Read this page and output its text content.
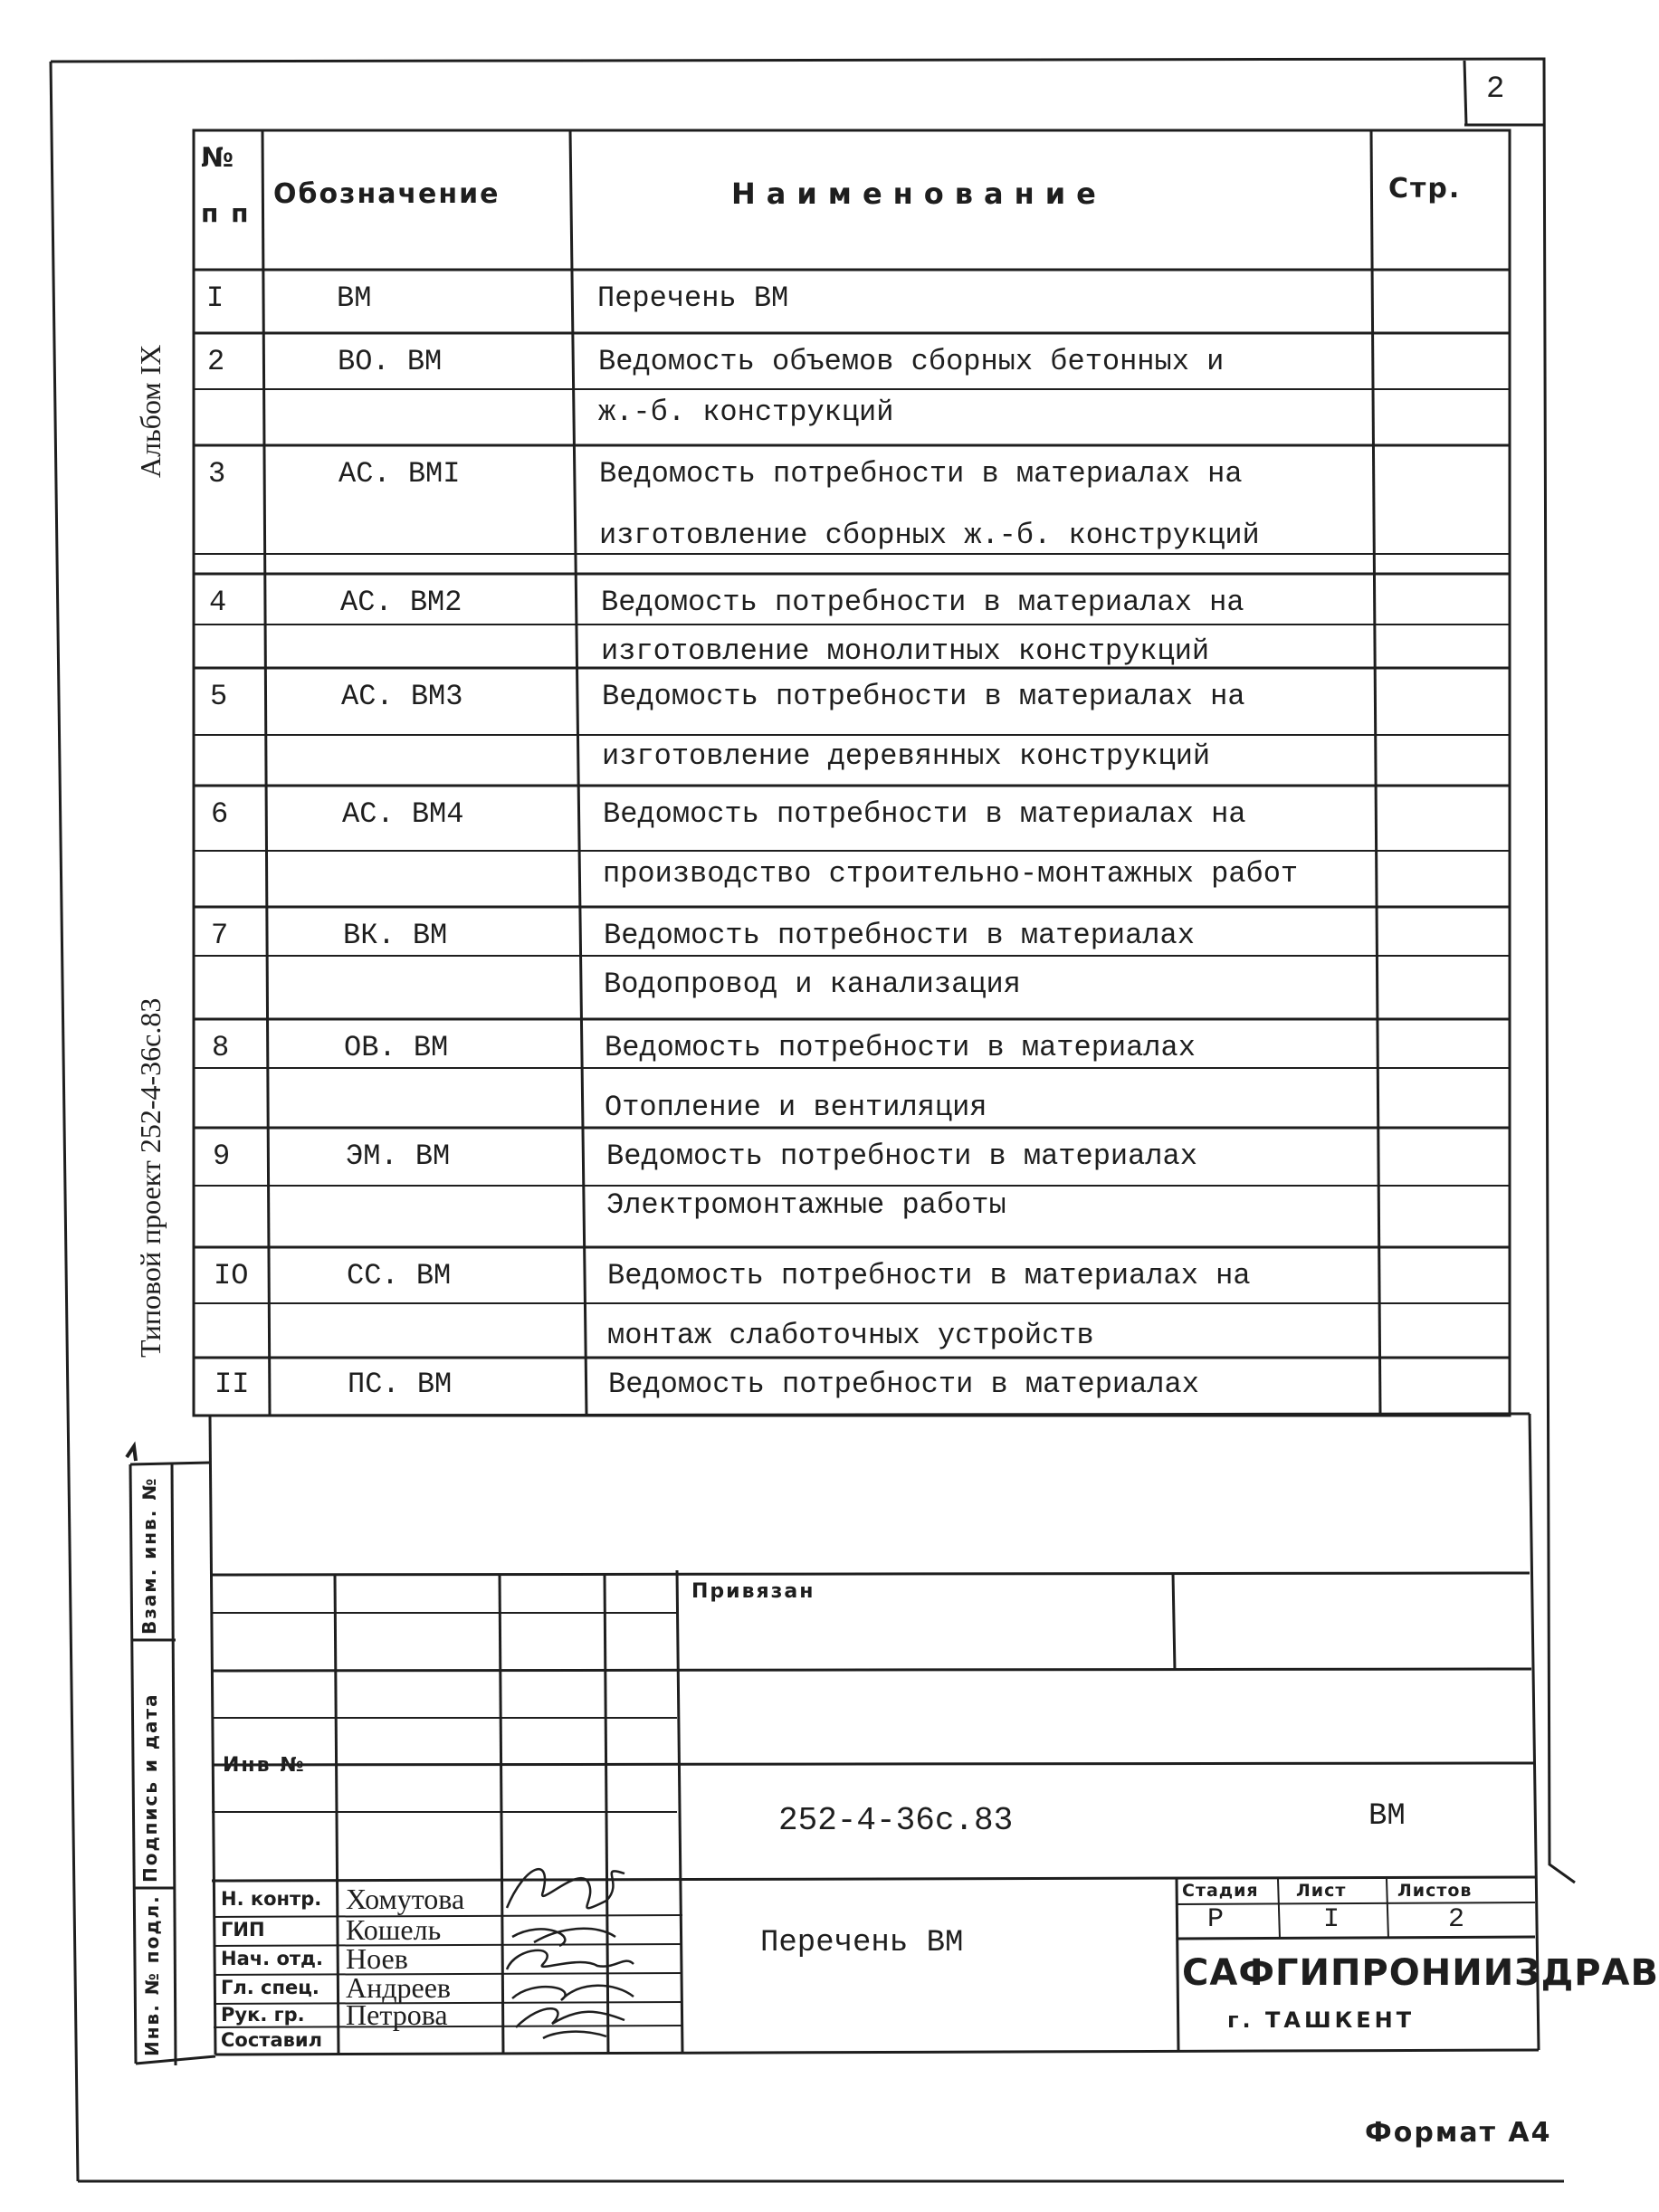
2
Альбом IX
Типовой проект 252-4-36с.83
Взам. инв. №
Подпись и дата
Инв. № подл.
№
п п
Обозначение	Наименование	Стр.
I	ВМ	Перечень ВМ
2	ВО. ВМ	Ведомость объемов сборных бетонных и
ж.-б. конструкций
3	АС. ВМI	Ведомость потребности в материалах на
изготовление сборных ж.-б. конструкций
4	АС. ВМ2	Ведомость потребности в материалах на
изготовление монолитных конструкций
5	АС. ВМ3	Ведомость потребности в материалах на
изготовление деревянных конструкций
6	АС. ВМ4	Ведомость потребности в материалах на
производство строительно-монтажных работ
7	ВК. ВМ	Ведомость потребности в материалах
Водопровод и канализация
8	ОВ. ВМ	Ведомость потребности в материалах
Отопление и вентиляция
9	ЭМ. ВМ	Ведомость потребности в материалах
Электромонтажные работы
IO	СС. ВМ	Ведомость потребности в материалах на
монтаж слаботочных устройств
II	ПС. ВМ	Ведомость потребности в материалах
Привязан
Инв №
252-4-36с.83	ВМ
Перечень ВМ
Стадия Лист	Листов
Р	I	2
САФГИПРОНИИЗДРАВ
г. ТАШКЕНТ
Н. контр. Хомутова
ГИП	Кошель
Нач. отд. Ноев
Гл. спец. Андреев
Рук. гр. Петрова
Составил
Формат А4
